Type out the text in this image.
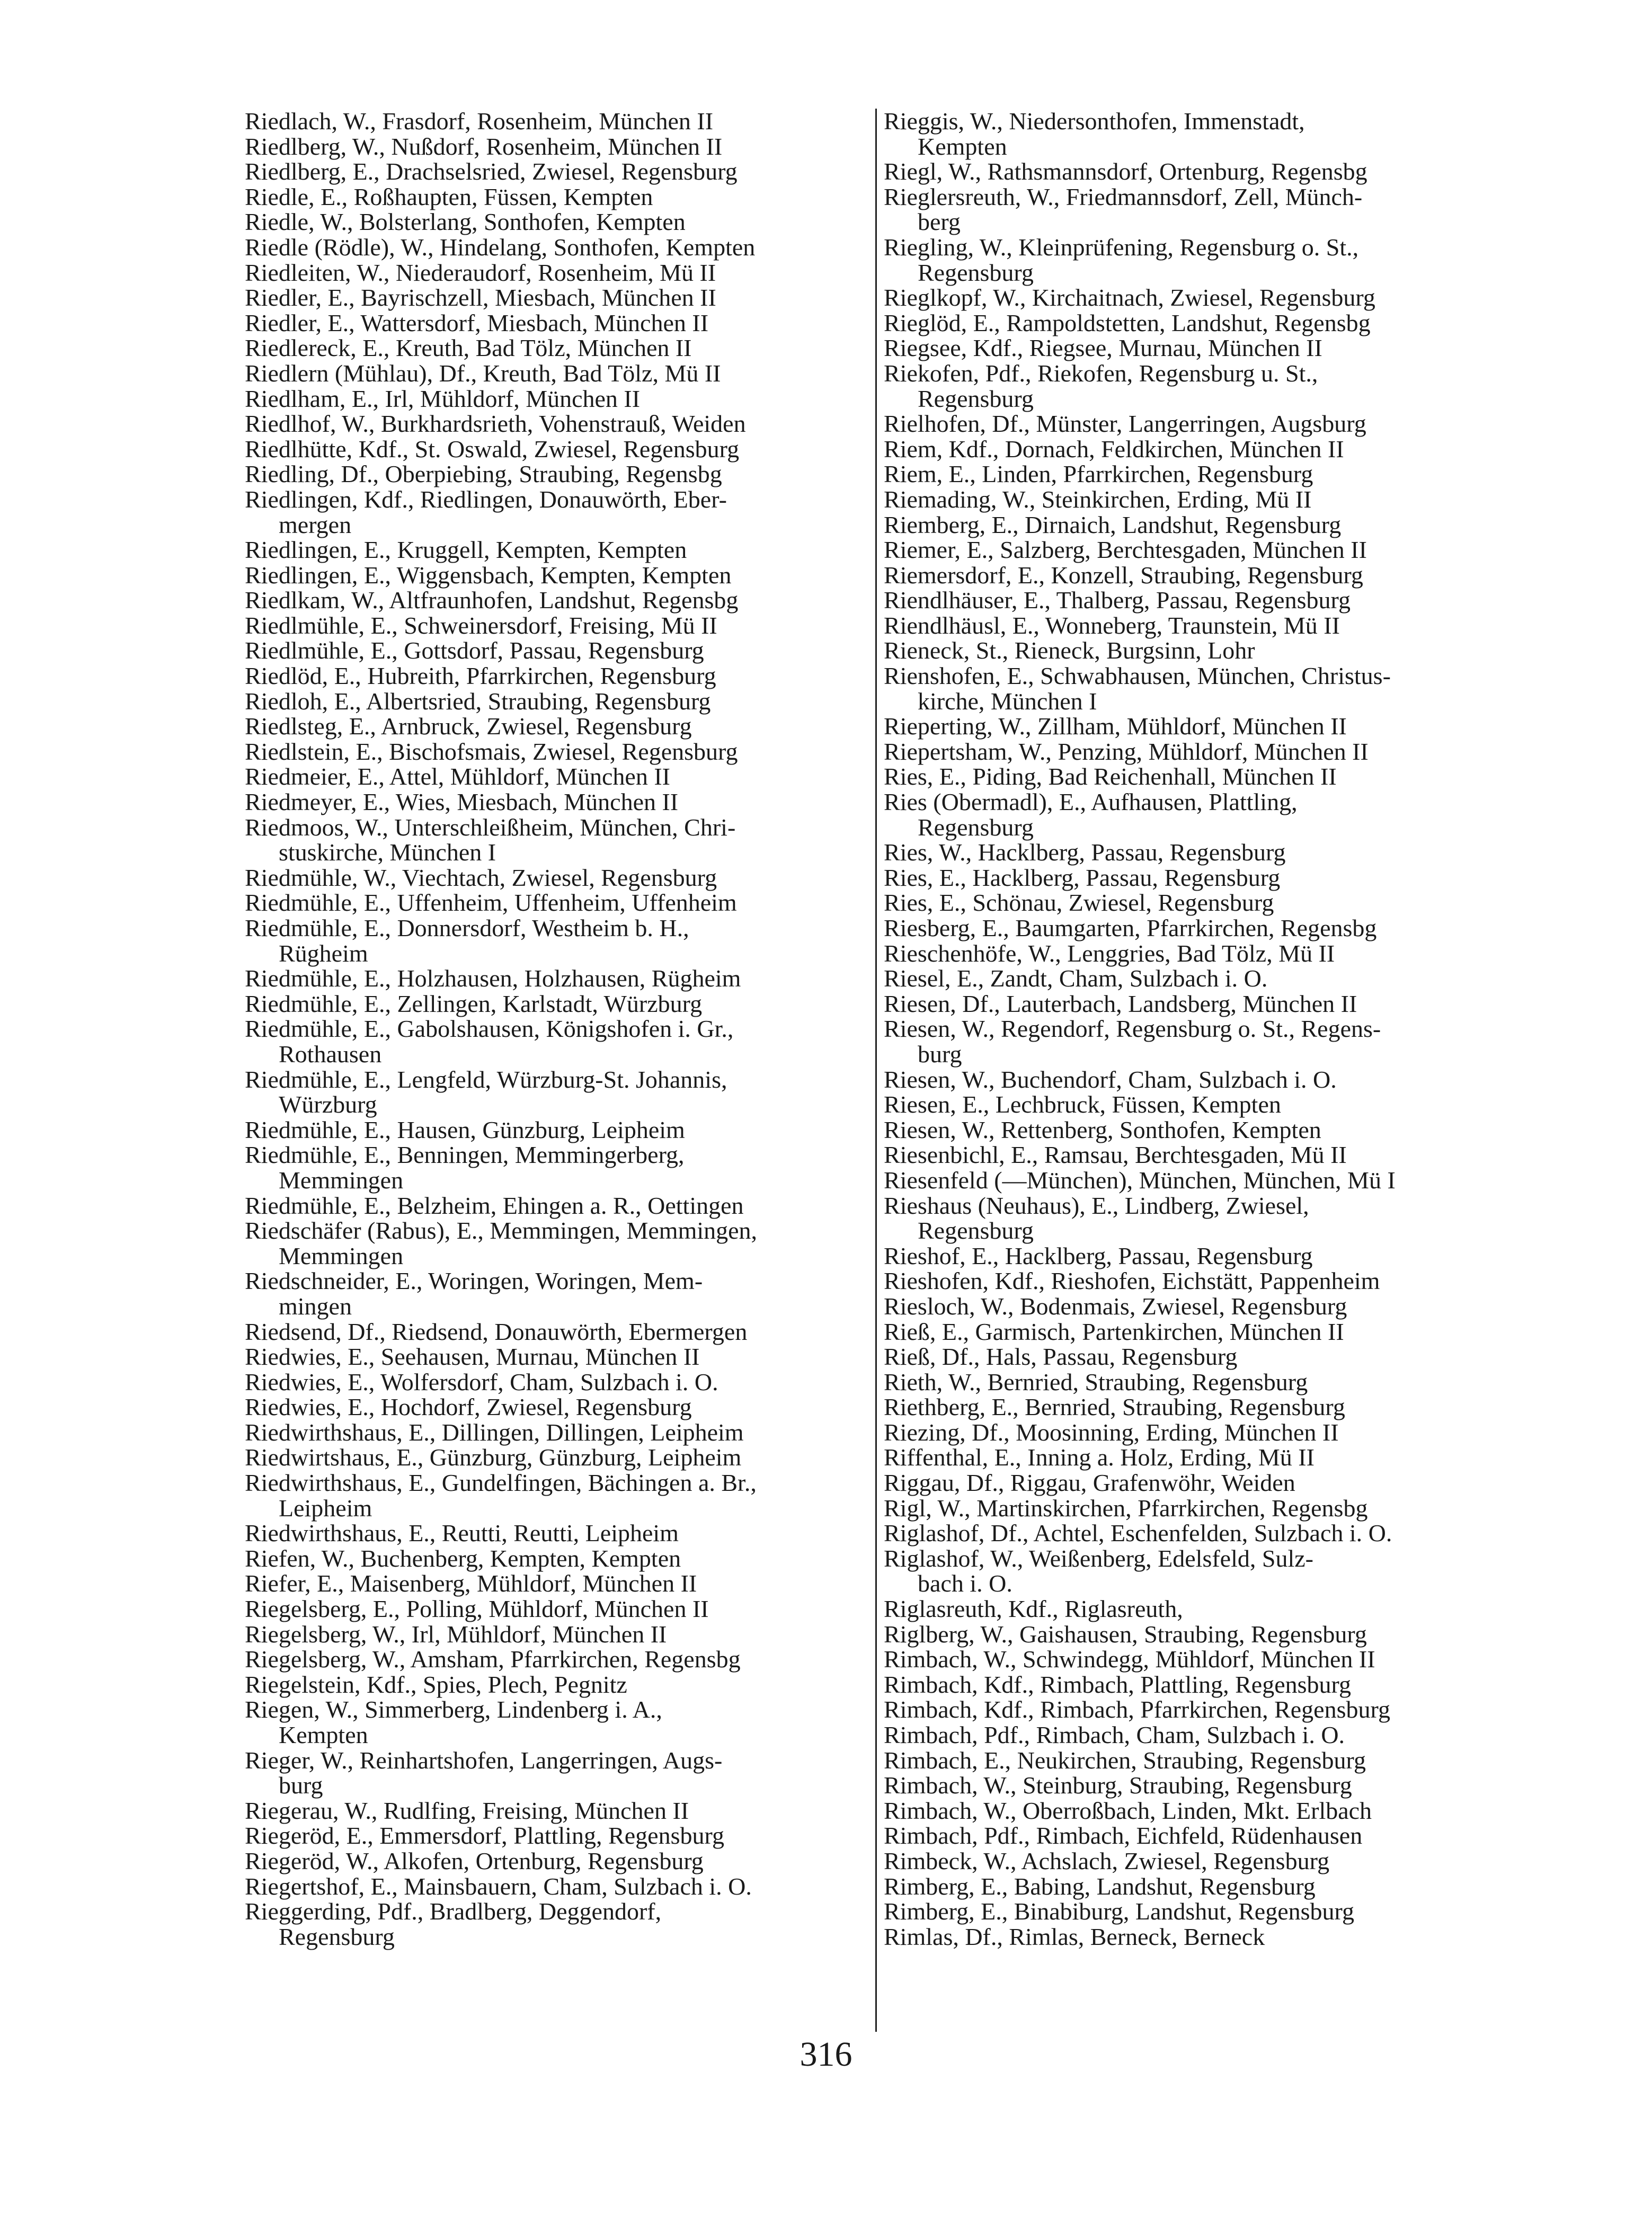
Riedlach, W., Frasdorf, Rosenheim, München II
Riedlberg, W., Nußdorf, Rosenheim, München II
Riedlberg, E., Drachselsried, Zwiesel, Regensburg
Riedle, E., Roßhaupten, Füssen, Kempten
Riedle, W., Bolsterlang, Sonthofen, Kempten
Riedle (Rödle), W., Hindelang, Sonthofen, Kempten
Riedleiten, W., Niederaudorf, Rosenheim, Mü II
Riedler, E., Bayrischzell, Miesbach, München II
Riedler, E., Wattersdorf, Miesbach, München II
Riedlereck, E., Kreuth, Bad Tölz, München II
Riedlern (Mühlau), Df., Kreuth, Bad Tölz, Mü II
Riedlham, E., Irl, Mühldorf, München II
Riedlhof, W., Burkhardsrieth, Vohenstrauß, Weiden
Riedlhütte, Kdf., St. Oswald, Zwiesel, Regensburg
Riedling, Df., Oberpiebing, Straubing, Regensbg
Riedlingen, Kdf., Riedlingen, Donauwörth, Eber-
mergen
Riedlingen, E., Kruggell, Kempten, Kempten
Riedlingen, E., Wiggensbach, Kempten, Kempten
Riedlkam, W., Altfraunhofen, Landshut, Regensbg
Riedlmühle, E., Schweinersdorf, Freising, Mü II
Riedlmühle, E., Gottsdorf, Passau, Regensburg
Riedlöd, E., Hubreith, Pfarrkirchen, Regensburg
Riedloh, E., Albertsried, Straubing, Regensburg
Riedlsteg, E., Arnbruck, Zwiesel, Regensburg
Riedlstein, E., Bischofsmais, Zwiesel, Regensburg
Riedmeier, E., Attel, Mühldorf, München II
Riedmeyer, E., Wies, Miesbach, München II
Riedmoos, W., Unterschleißheim, München, Chri-
stuskirche, München I
Riedmühle, W., Viechtach, Zwiesel, Regensburg
Riedmühle, E., Uffenheim, Uffenheim, Uffenheim
Riedmühle, E., Donnersdorf, Westheim b. H.,
Rügheim
Riedmühle, E., Holzhausen, Holzhausen, Rügheim
Riedmühle, E., Zellingen, Karlstadt, Würzburg
Riedmühle, E., Gabolshausen, Königshofen i. Gr.,
Rothausen
Riedmühle, E., Lengfeld, Würzburg-St. Johannis,
Würzburg
Riedmühle, E., Hausen, Günzburg, Leipheim
Riedmühle, E., Benningen, Memmingerberg,
Memmingen
Riedmühle, E., Belzheim, Ehingen a. R., Oettingen
Riedschäfer (Rabus), E., Memmingen, Memmingen,
Memmingen
Riedschneider, E., Woringen, Woringen, Mem-
mingen
Riedsend, Df., Riedsend, Donauwörth, Ebermergen
Riedwies, E., Seehausen, Murnau, München II
Riedwies, E., Wolfersdorf, Cham, Sulzbach i. O.
Riedwies, E., Hochdorf, Zwiesel, Regensburg
Riedwirthshaus, E., Dillingen, Dillingen, Leipheim
Riedwirtshaus, E., Günzburg, Günzburg, Leipheim
Riedwirthshaus, E., Gundelfingen, Bächingen a. Br.,
Leipheim
Riedwirthshaus, E., Reutti, Reutti, Leipheim
Riefen, W., Buchenberg, Kempten, Kempten
Riefer, E., Maisenberg, Mühldorf, München II
Riegelsberg, E., Polling, Mühldorf, München II
Riegelsberg, W., Irl, Mühldorf, München II
Riegelsberg, W., Amsham, Pfarrkirchen, Regensbg
Riegelstein, Kdf., Spies, Plech, Pegnitz
Riegen, W., Simmerberg, Lindenberg i. A.,
Kempten
Rieger, W., Reinhartshofen, Langerringen, Augs-
burg
Riegerau, W., Rudlfing, Freising, München II
Riegeröd, E., Emmersdorf, Plattling, Regensburg
Riegeröd, W., Alkofen, Ortenburg, Regensburg
Riegertshof, E., Mainsbauern, Cham, Sulzbach i. O.
Rieggerding, Pdf., Bradlberg, Deggendorf,
Regensburg
Rieggis, W., Niedersonthofen, Immenstadt,
Kempten
Riegl, W., Rathsmannsdorf, Ortenburg, Regensbg
Rieglersreuth, W., Friedmannsdorf, Zell, Münch-
berg
Riegling, W., Kleinprüfening, Regensburg o. St.,
Regensburg
Rieglkopf, W., Kirchaitnach, Zwiesel, Regensburg
Rieglöd, E., Rampoldstetten, Landshut, Regensbg
Riegsee, Kdf., Riegsee, Murnau, München II
Riekofen, Pdf., Riekofen, Regensburg u. St.,
Regensburg
Rielhofen, Df., Münster, Langerringen, Augsburg
Riem, Kdf., Dornach, Feldkirchen, München II
Riem, E., Linden, Pfarrkirchen, Regensburg
Riemading, W., Steinkirchen, Erding, Mü II
Riemberg, E., Dirnaich, Landshut, Regensburg
Riemer, E., Salzberg, Berchtesgaden, München II
Riemersdorf, E., Konzell, Straubing, Regensburg
Riendlhäuser, E., Thalberg, Passau, Regensburg
Riendlhäusl, E., Wonneberg, Traunstein, Mü II
Rieneck, St., Rieneck, Burgsinn, Lohr
Rienshofen, E., Schwabhausen, München, Christus-
kirche, München I
Rieperting, W., Zillham, Mühldorf, München II
Riepertsham, W., Penzing, Mühldorf, München II
Ries, E., Piding, Bad Reichenhall, München II
Ries (Obermadl), E., Aufhausen, Plattling,
Regensburg
Ries, W., Hacklberg, Passau, Regensburg
Ries, E., Hacklberg, Passau, Regensburg
Ries, E., Schönau, Zwiesel, Regensburg
Riesberg, E., Baumgarten, Pfarrkirchen, Regensbg
Rieschenhöfe, W., Lenggries, Bad Tölz, Mü II
Riesel, E., Zandt, Cham, Sulzbach i. O.
Riesen, Df., Lauterbach, Landsberg, München II
Riesen, W., Regendorf, Regensburg o. St., Regens-
burg
Riesen, W., Buchendorf, Cham, Sulzbach i. O.
Riesen, E., Lechbruck, Füssen, Kempten
Riesen, W., Rettenberg, Sonthofen, Kempten
Riesenbichl, E., Ramsau, Berchtesgaden, Mü II
Riesenfeld (—München), München, München, Mü I
Rieshaus (Neuhaus), E., Lindberg, Zwiesel,
Regensburg
Rieshof, E., Hacklberg, Passau, Regensburg
Rieshofen, Kdf., Rieshofen, Eichstätt, Pappenheim
Riesloch, W., Bodenmais, Zwiesel, Regensburg
Rieß, E., Garmisch, Partenkirchen, München II
Rieß, Df., Hals, Passau, Regensburg
Rieth, W., Bernried, Straubing, Regensburg
Riethberg, E., Bernried, Straubing, Regensburg
Riezing, Df., Moosinning, Erding, München II
Riffenthal, E., Inning a. Holz, Erding, Mü II
Riggau, Df., Riggau, Grafenwöhr, Weiden
Rigl, W., Martinskirchen, Pfarrkirchen, Regensbg
Riglashof, Df., Achtel, Eschenfelden, Sulzbach i. O.
Riglashof, W., Weißenberg, Edelsfeld, Sulz-
bach i. O.
Riglasreuth, Kdf., Riglasreuth,
Riglberg, W., Gaishausen, Straubing, Regensburg
Rimbach, W., Schwindegg, Mühldorf, München II
Rimbach, Kdf., Rimbach, Plattling, Regensburg
Rimbach, Kdf., Rimbach, Pfarrkirchen, Regensburg
Rimbach, Pdf., Rimbach, Cham, Sulzbach i. O.
Rimbach, E., Neukirchen, Straubing, Regensburg
Rimbach, W., Steinburg, Straubing, Regensburg
Rimbach, W., Oberroßbach, Linden, Mkt. Erlbach
Rimbach, Pdf., Rimbach, Eichfeld, Rüdenhausen
Rimbeck, W., Achslach, Zwiesel, Regensburg
Rimberg, E., Babing, Landshut, Regensburg
Rimberg, E., Binabiburg, Landshut, Regensburg
Rimlas, Df., Rimlas, Berneck, Berneck
316
